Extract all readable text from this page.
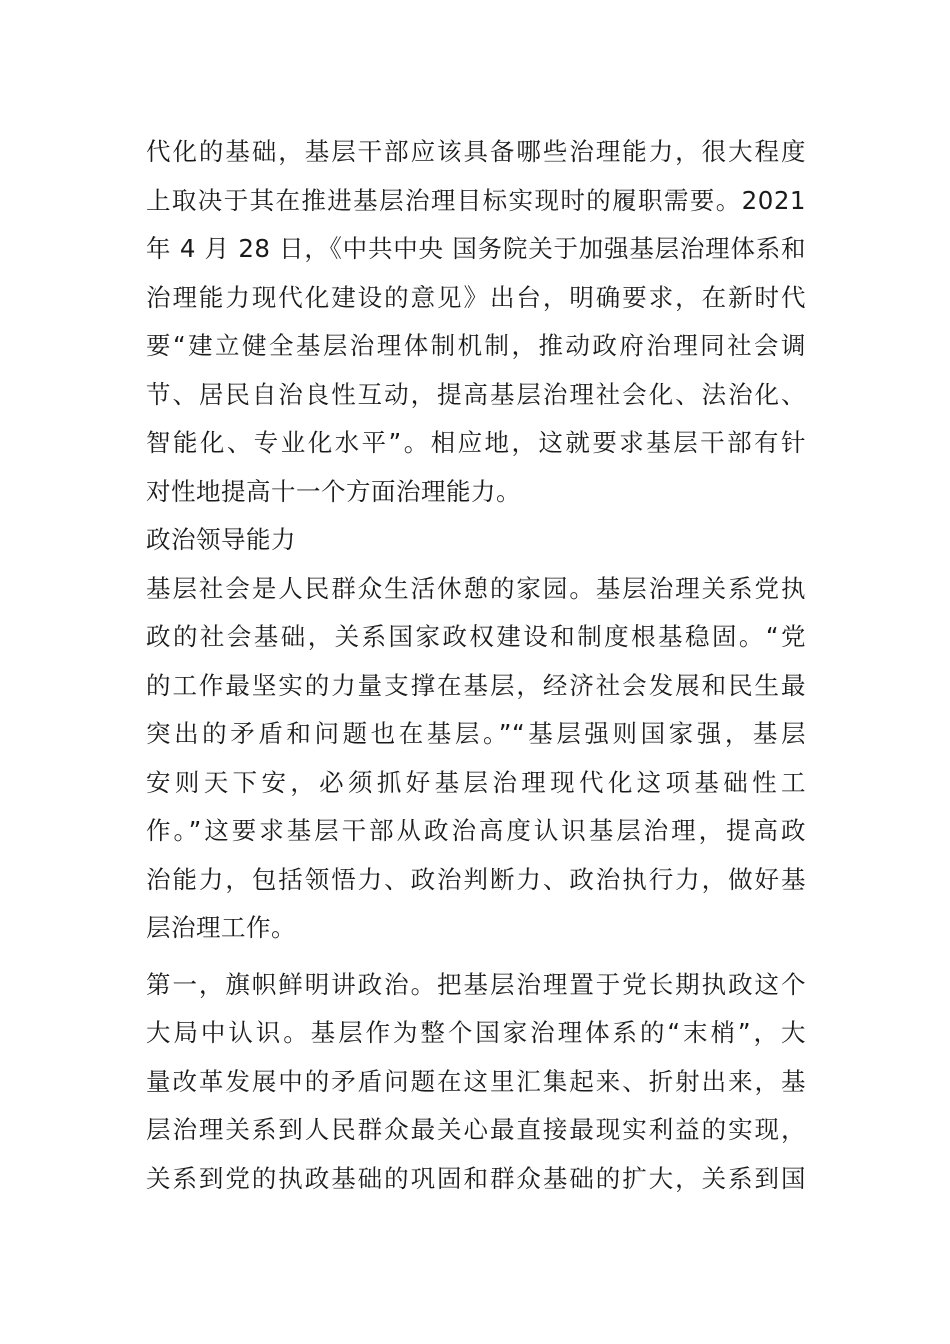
代化的基础，基层干部应该具备哪些治理能力，很大程度
上取决于其在推进基层治理目标实现时的履职需要。2021
年 4 月 28 日，《中共中央 国务院关于加强基层治理体系和
治理能力现代化建设的意见》出台，明确要求，在新时代
要“建立健全基层治理体制机制，推动政府治理同社会调
节、居民自治良性互动，提高基层治理社会化、法治化、
智能化、专业化水平”。相应地，这就要求基层干部有针
对性地提高十一个方面治理能力。
政治领导能力
基层社会是人民群众生活休憩的家园。基层治理关系党执
政的社会基础，关系国家政权建设和制度根基稳固。“党
的工作最坚实的力量支撑在基层，经济社会发展和民生最
突出的矛盾和问题也在基层。”“基层强则国家强，基层
安则天下安，必须抓好基层治理现代化这项基础性工
作。”这要求基层干部从政治高度认识基层治理，提高政
治能力，包括领悟力、政治判断力、政治执行力，做好基
层治理工作。
第一，旗帜鲜明讲政治。把基层治理置于党长期执政这个
大局中认识。基层作为整个国家治理体系的“末梢”，大
量改革发展中的矛盾问题在这里汇集起来、折射出来，基
层治理关系到人民群众最关心最直接最现实利益的实现，
关系到党的执政基础的巩固和群众基础的扩大，关系到国
